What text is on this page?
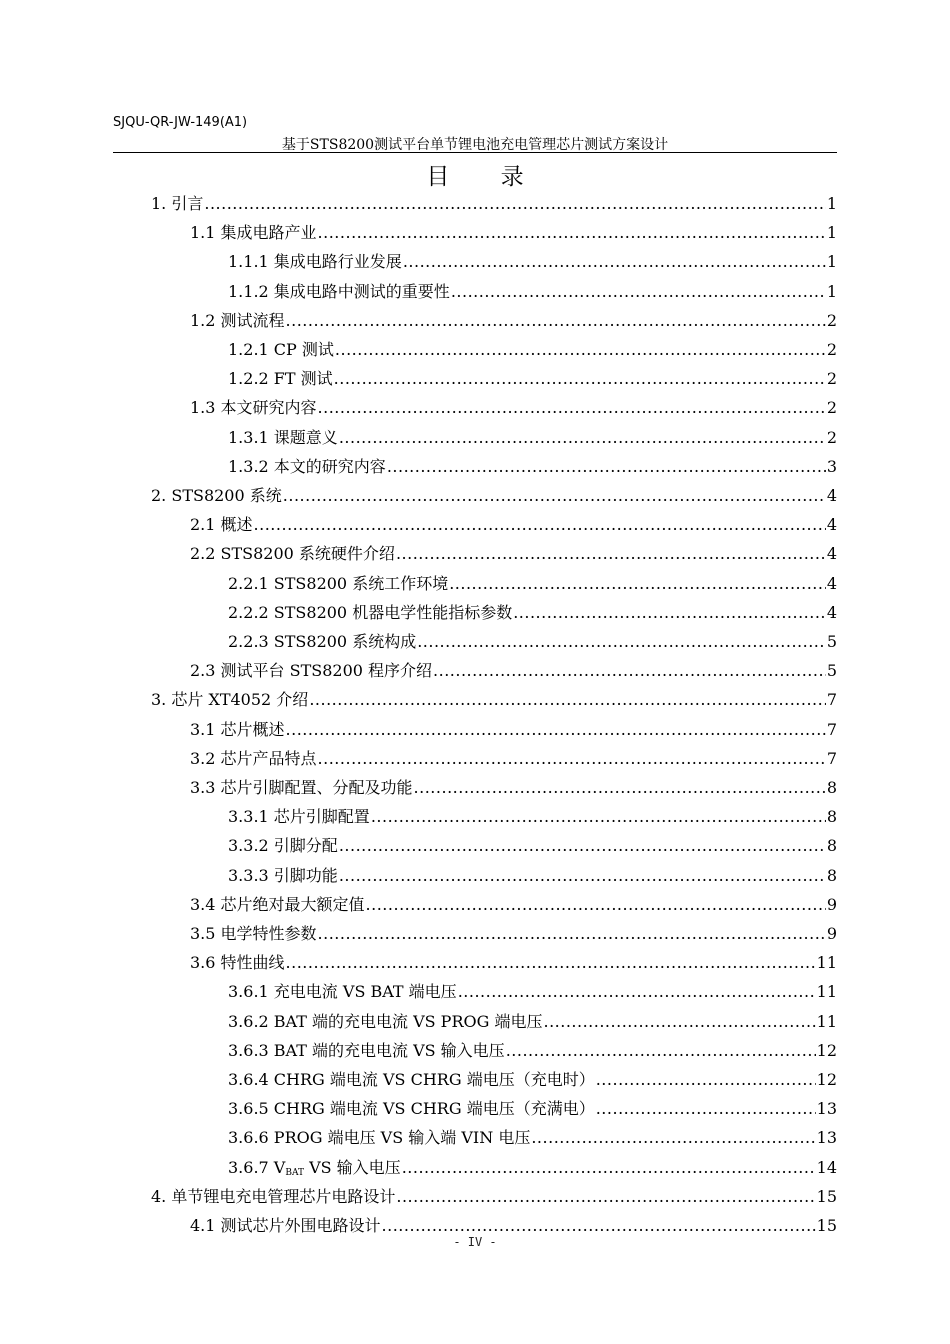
SJQU-QR-JW-149(A1)
基于STS8200测试平台单节锂电池充电管理芯片测试方案设计
目 录
1. 引言 .....	1
1.1 集成电路产业 .....	1
1.1.1 集成电路行业发展 .....	1
1.1.2 集成电路中测试的重要性 .....	1
1.2 测试流程 .....	2
1.2.1 CP 测试 .....	2
1.2.2 FT 测试 .....	2
1.3 本文研究内容 .....	2
1.3.1 课题意义 .....	2
1.3.2 本文的研究内容 .....	3
2. STS8200 系统 .....	4
2.1 概述 .....	4
2.2 STS8200 系统硬件介绍 .....	4
2.2.1 STS8200 系统工作环境 .....	4
2.2.2 STS8200 机器电学性能指标参数 .....	4
2.2.3 STS8200 系统构成 .....	5
2.3 测试平台 STS8200 程序介绍 .....	5
3. 芯片 XT4052 介绍 .....	7
3.1 芯片概述 .....	7
3.2 芯片产品特点 .....	7
3.3 芯片引脚配置、分配及功能 .....	8
3.3.1 芯片引脚配置 .....	8
3.3.2 引脚分配 .....	8
3.3.3 引脚功能 .....	8
3.4 芯片绝对最大额定值 .....	9
3.5 电学特性参数 .....	9
3.6 特性曲线 .....	11
3.6.1 充电电流 VS BAT 端电压 .....	11
3.6.2 BAT 端的充电电流 VS PROG 端电压 .....	11
3.6.3 BAT 端的充电电流 VS 输入电压 .....	12
3.6.4 CHRG 端电流 VS CHRG 端电压（充电时） .....	12
3.6.5 CHRG 端电流 VS CHRG 端电压（充满电） .....	13
3.6.6 PROG 端电压 VS 输入端 VIN 电压 .....	13
3.6.7 $V_{BAT}$ VS 输入电压 .....	14
4. 单节锂电充电管理芯片电路设计 .....	15
4.1 测试芯片外围电路设计 .....	15
- IV -
